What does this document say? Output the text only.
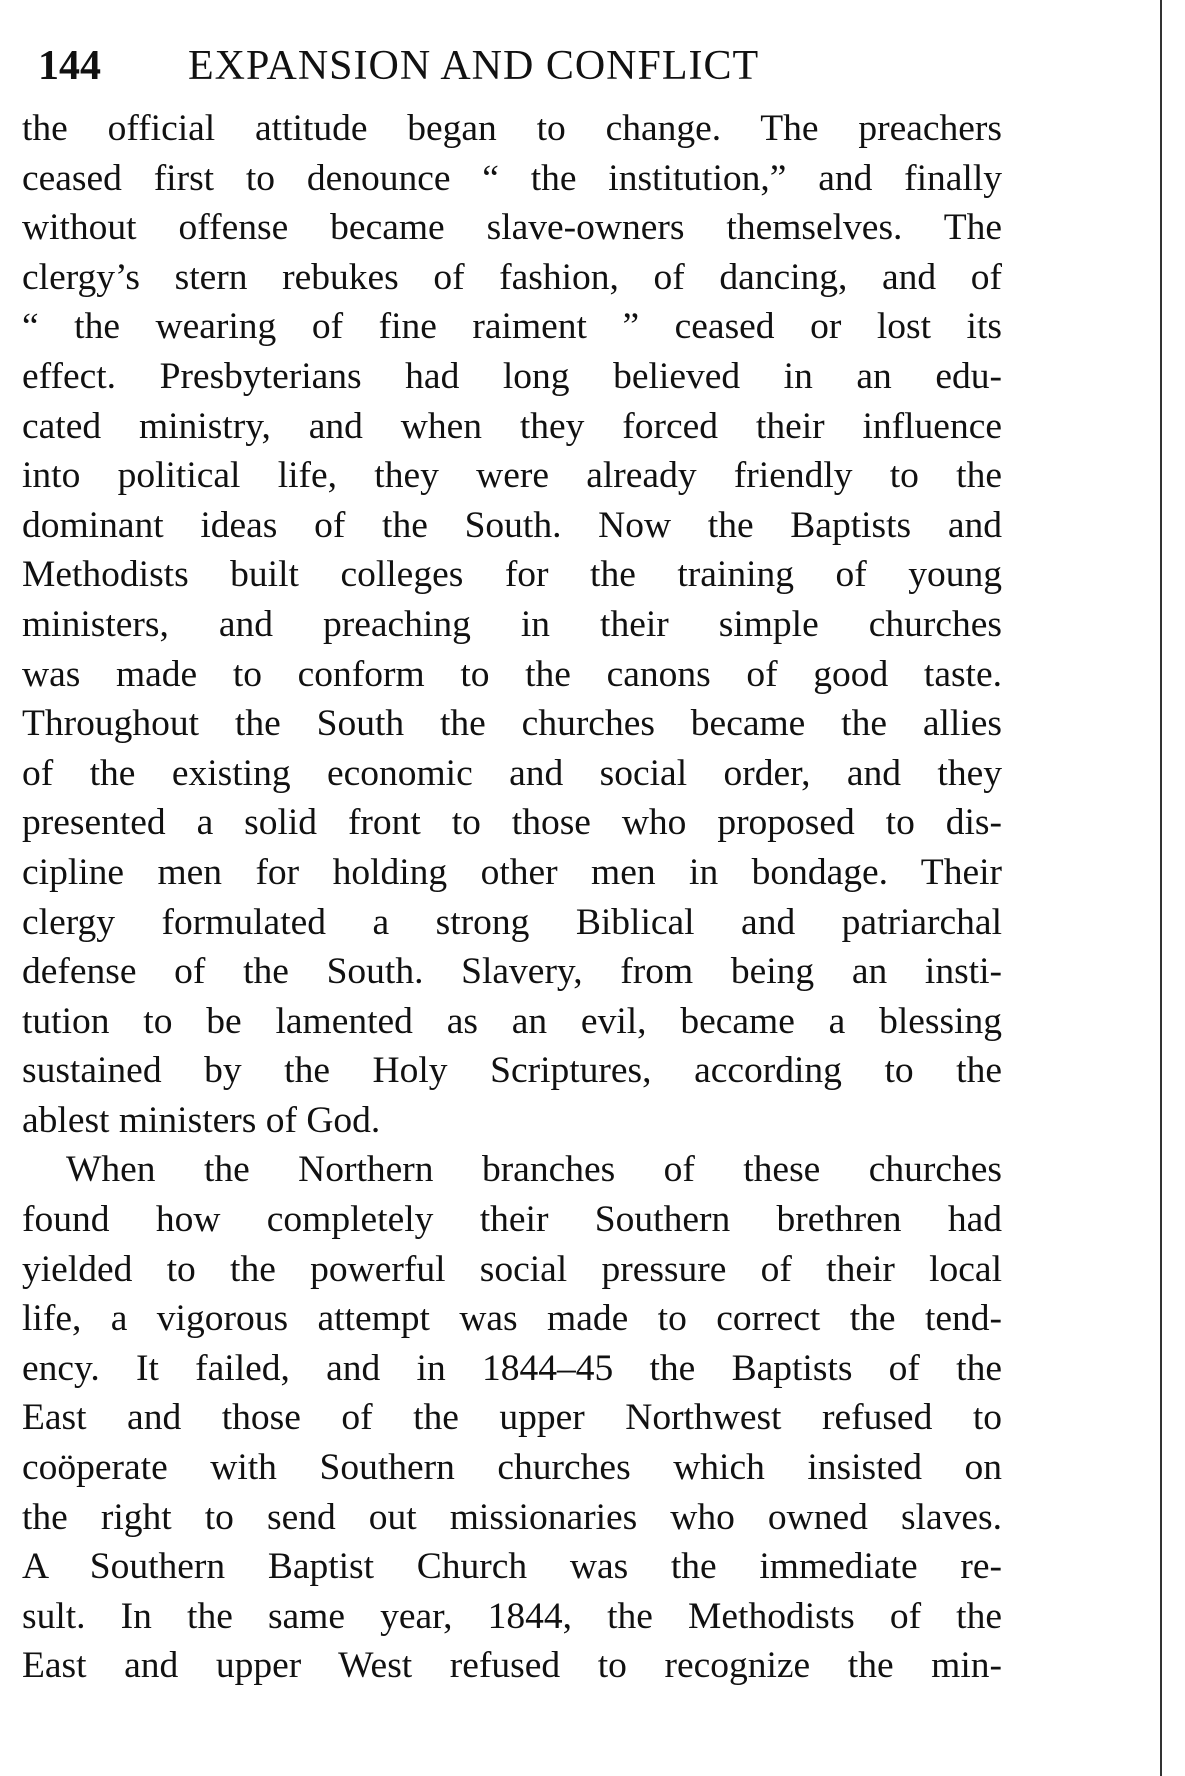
144 EXPANSION AND CONFLICT
the official attitude began to change. The preachers
ceased first to denounce “ the institution,” and finally
without offense became slave-owners themselves. The
clergy’s stern rebukes of fashion, of dancing, and of
“ the wearing of fine raiment ” ceased or lost its
effect. Presbyterians had long believed in an edu-
cated ministry, and when they forced their influence
into political life, they were already friendly to the
dominant ideas of the South. Now the Baptists and
Methodists built colleges for the training of young
ministers, and preaching in their simple churches
was made to conform to the canons of good taste.
Throughout the South the churches became the allies
of the existing economic and social order, and they
presented a solid front to those who proposed to dis-
cipline men for holding other men in bondage. Their
clergy formulated a strong Biblical and patriarchal
defense of the South. Slavery, from being an insti-
tution to be lamented as an evil, became a blessing
sustained by the Holy Scriptures, according to the
ablest ministers of God.
When the Northern branches of these churches
found how completely their Southern brethren had
yielded to the powerful social pressure of their local
life, a vigorous attempt was made to correct the tend-
ency. It failed, and in 1844–45 the Baptists of the
East and those of the upper Northwest refused to
coöperate with Southern churches which insisted on
the right to send out missionaries who owned slaves.
A Southern Baptist Church was the immediate re-
sult. In the same year, 1844, the Methodists of the
East and upper West refused to recognize the min-
